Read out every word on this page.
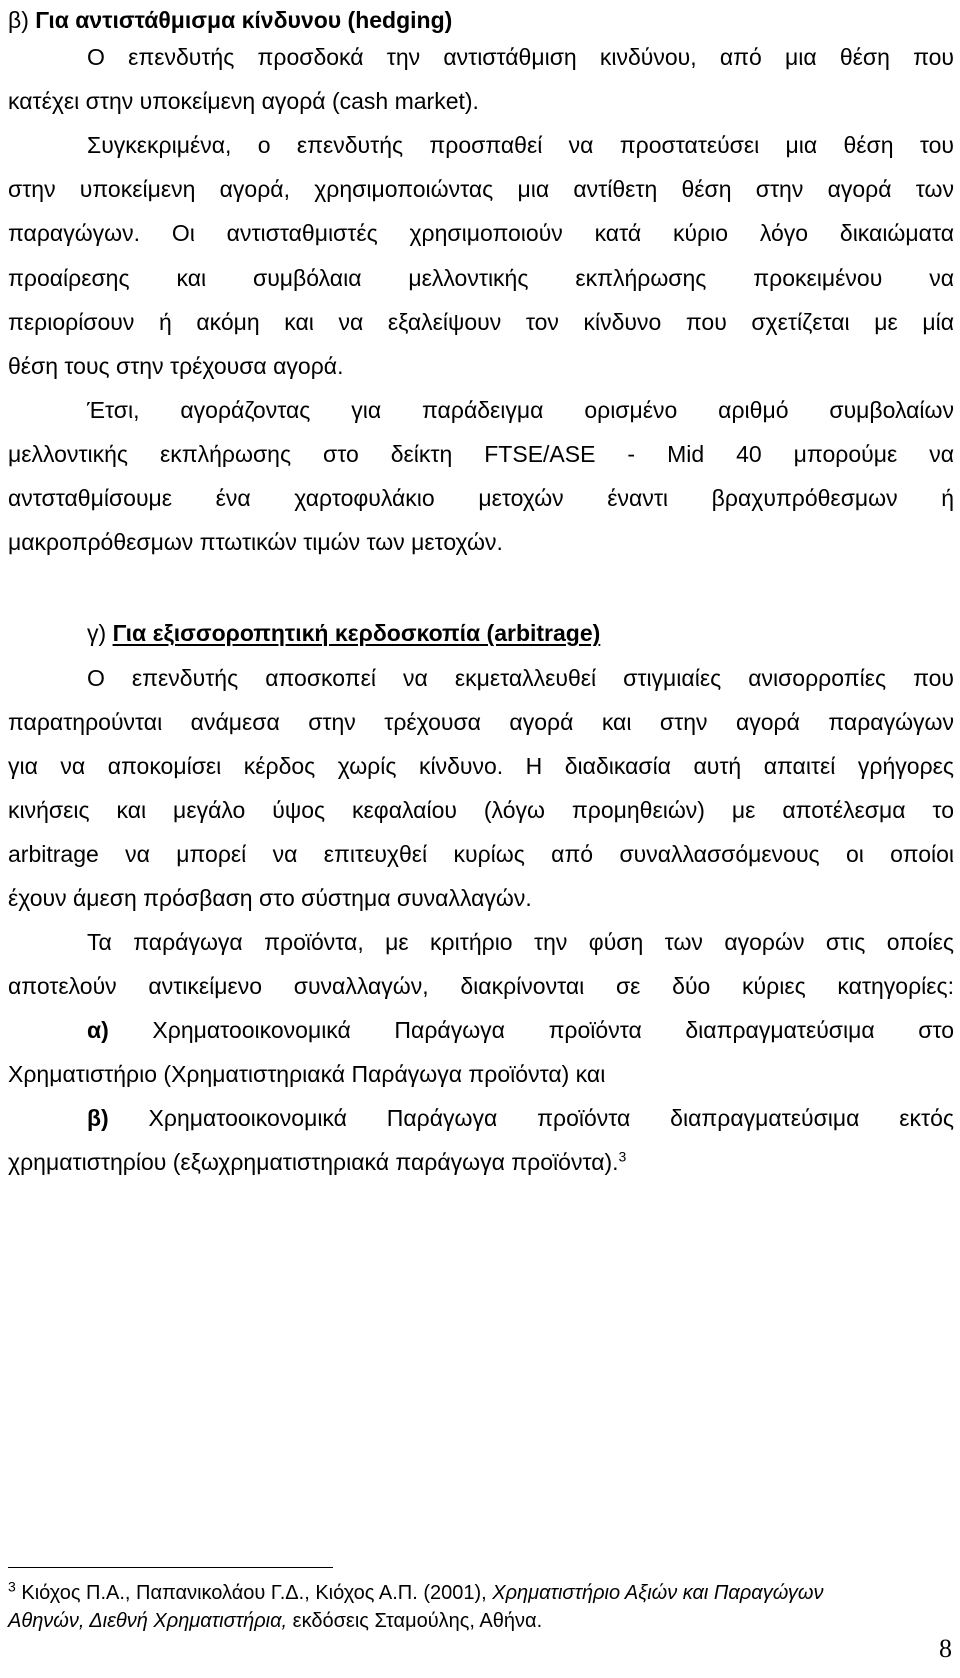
β) Για αντιστάθμισμα κίνδυνου (hedging)
Ο επενδυτής προσδοκά την αντιστάθμιση κινδύνου, από μια θέση που
κατέχει στην υποκείμενη αγορά (cash market).
Συγκεκριμένα, ο επενδυτής προσπαθεί να προστατεύσει μια θέση του
στην υποκείμενη αγορά, χρησιμοποιώντας μια αντίθετη θέση στην αγορά των
παραγώγων. Οι αντισταθμιστές χρησιμοποιούν κατά κύριο λόγο δικαιώματα
προαίρεσης και συμβόλαια μελλοντικής εκπλήρωσης προκειμένου να
περιορίσουν ή ακόμη και να εξαλείψουν τον κίνδυνο που σχετίζεται με μία
θέση τους στην τρέχουσα αγορά.
Έτσι, αγοράζοντας για παράδειγμα ορισμένο αριθμό συμβολαίων
μελλοντικής εκπλήρωσης στο δείκτη FTSE/ASE - Mid 40 μπορούμε να
αντσταθμίσουμε ένα χαρτοφυλάκιο μετοχών έναντι βραχυπρόθεσμων ή
μακροπρόθεσμων πτωτικών τιμών των μετοχών.
γ) Για εξισσοροπητική κερδοσκοπία (arbitrage)
Ο επενδυτής αποσκοπεί να εκμεταλλευθεί στιγμιαίες ανισορροπίες που
παρατηρούνται ανάμεσα στην τρέχουσα αγορά και στην αγορά παραγώγων
για να αποκομίσει κέρδος χωρίς κίνδυνο. Η διαδικασία αυτή απαιτεί γρήγορες
κινήσεις και μεγάλο ύψος κεφαλαίου (λόγω προμηθειών) με αποτέλεσμα το
arbitrage να μπορεί να επιτευχθεί κυρίως από συναλλασσόμενους οι οποίοι
έχουν άμεση πρόσβαση στο σύστημα συναλλαγών.
Τα παράγωγα προϊόντα, με κριτήριο την φύση των αγορών στις οποίες
αποτελούν αντικείμενο συναλλαγών, διακρίνονται σε δύο κύριες κατηγορίες:
α) Χρηματοοικονομικά Παράγωγα προϊόντα διαπραγματεύσιμα στο
Χρηματιστήριο (Χρηματιστηριακά Παράγωγα προϊόντα) και
β) Χρηματοοικονομικά Παράγωγα προϊόντα διαπραγματεύσιμα εκτός
χρηματιστηρίου (εξωχρηματιστηριακά παράγωγα προϊόντα).$^3$
$^3$ Κιόχος Π.Α., Παπανικολάου Γ.Δ., Κιόχος Α.Π. (2001), Χρηματιστήριο Αξιών και Παραγώγων
Αθηνών, Διεθνή Χρηματιστήρια, εκδόσεις Σταμούλης, Αθήνα.
8
